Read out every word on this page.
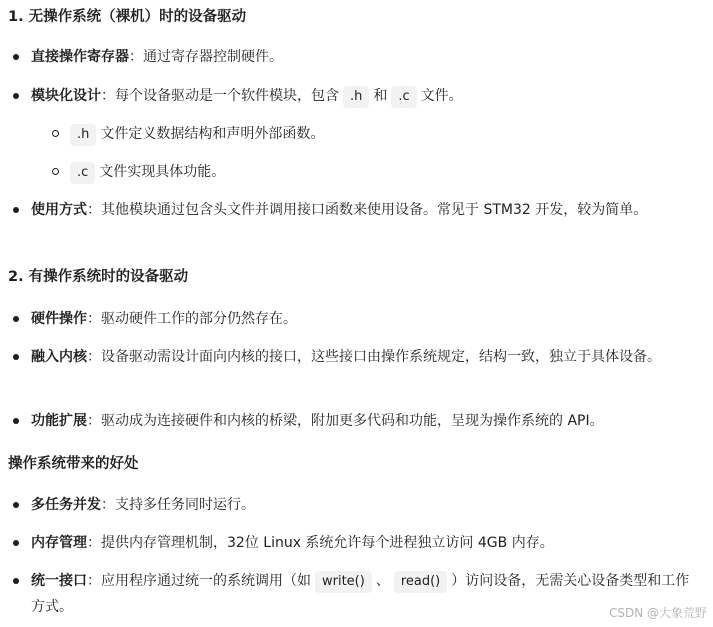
1. 无操作系统（裸机）时的设备驱动
直接操作寄存器：通过寄存器控制硬件。
模块化设计：每个设备驱动是一个软件模块，包含 .h 和 .c 文件。
.h 文件定义数据结构和声明外部函数。
.c 文件实现具体功能。
使用方式：其他模块通过包含头文件并调用接口函数来使用设备。常见于 STM32 开发，较为简单。
2. 有操作系统时的设备驱动
硬件操作：驱动硬件工作的部分仍然存在。
融入内核：设备驱动需设计面向内核的接口，这些接口由操作系统规定，结构一致，独立于具体设备。
功能扩展：驱动成为连接硬件和内核的桥梁，附加更多代码和功能，呈现为操作系统的 API。
操作系统带来的好处
多任务并发：支持多任务同时运行。
内存管理：提供内存管理机制，32位 Linux 系统允许每个进程独立访问 4GB 内存。
统一接口：应用程序通过统一的系统调用（如 write() 、 read() ）访问设备，无需关心设备类型和工作方式。	CSDN @大象荒野
